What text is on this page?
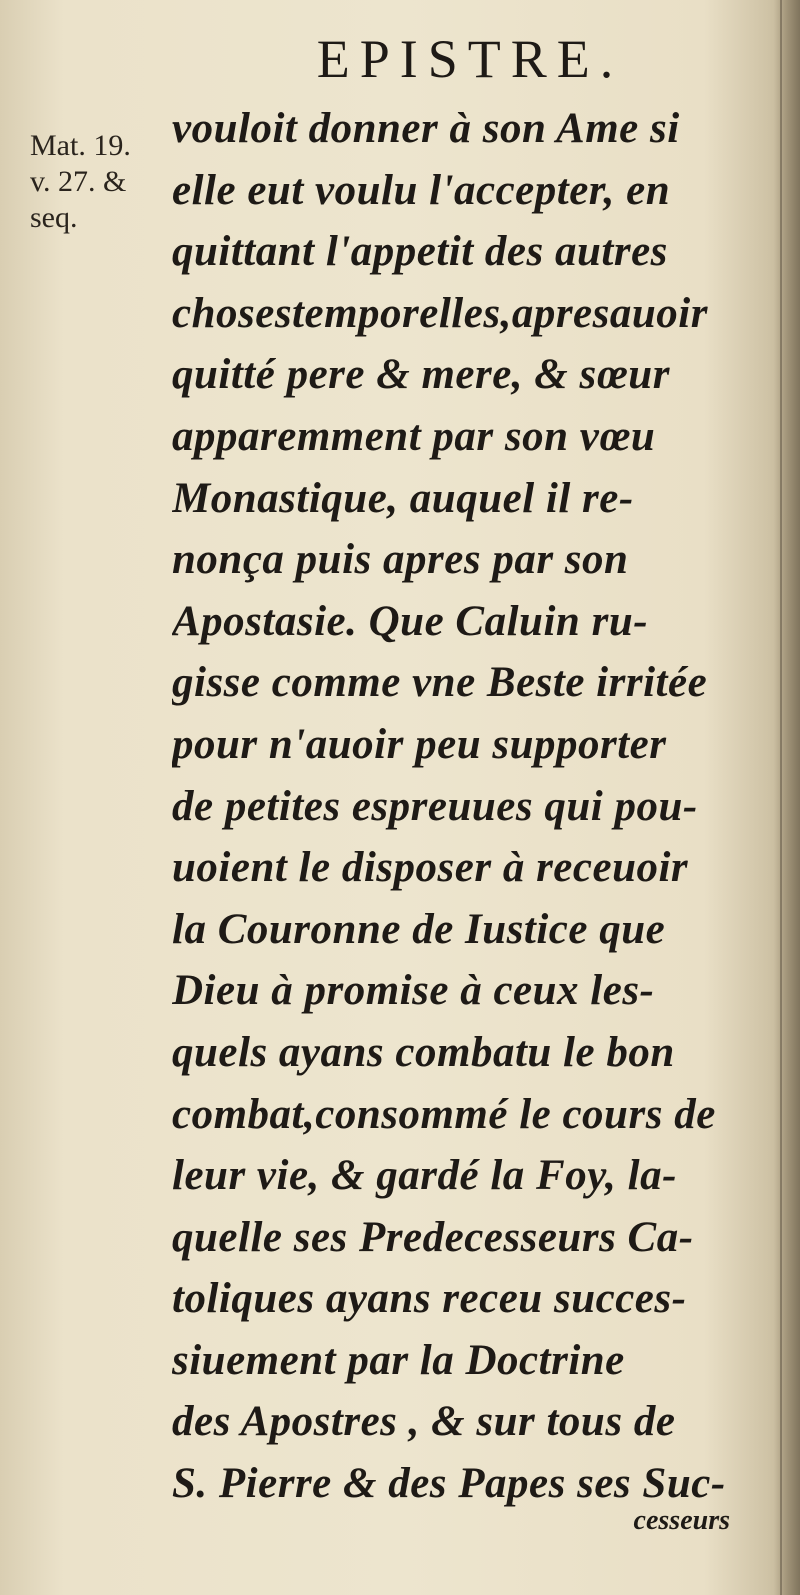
EPISTRE.
Mat. 19.
v. 27. &
seq.
vouloit donner à son Ame si
elle eut voulu l'accepter, en
quittant l'appetit des autres
chosestemporelles,apresauoir
quitté pere & mere, & sœur
apparemment par son vœu
Monastique, auquel il re-
nonça puis apres par son
Apostasie. Que Caluin ru-
gisse comme vne Beste irritée
pour n'auoir peu supporter
de petites espreuues qui pou-
uoient le disposer à receuoir
la Couronne de Iustice que
Dieu à promise à ceux les-
quels ayans combatu le bon
combat,consommé le cours de
leur vie, & gardé la Foy, la-
quelle ses Predecesseurs Ca-
toliques ayans receu succes-
siuement par la Doctrine
des Apostres , & sur tous de
S. Pierre & des Papes ses Suc-
cesseurs
